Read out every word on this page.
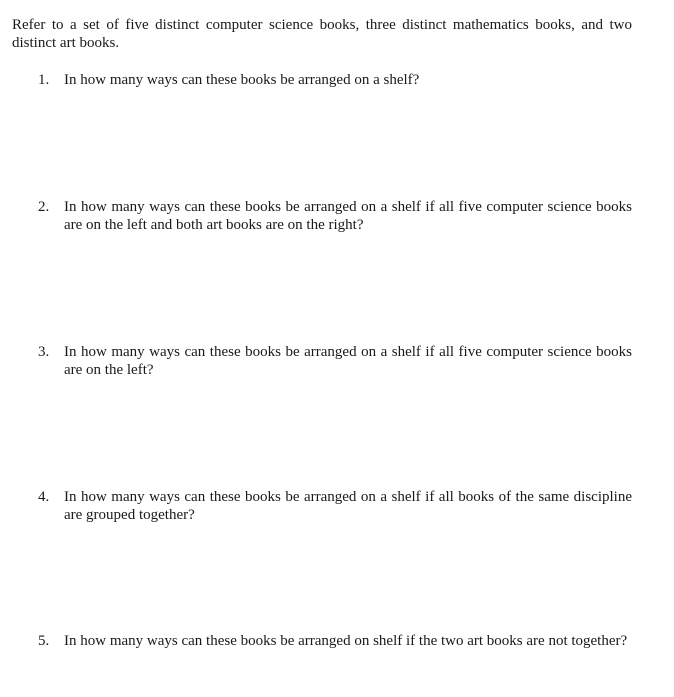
Refer to a set of five distinct computer science books, three distinct mathematics books, and two distinct art books.

1. In how many ways can these books be arranged on a shelf?

2. In how many ways can these books be arranged on a shelf if all five computer science books are on the left and both art books are on the right?

3. In how many ways can these books be arranged on a shelf if all five computer science books are on the left?

4. In how many ways can these books be arranged on a shelf if all books of the same discipline are grouped together?

5. In how many ways can these books be arranged on shelf if the two art books are not together?
